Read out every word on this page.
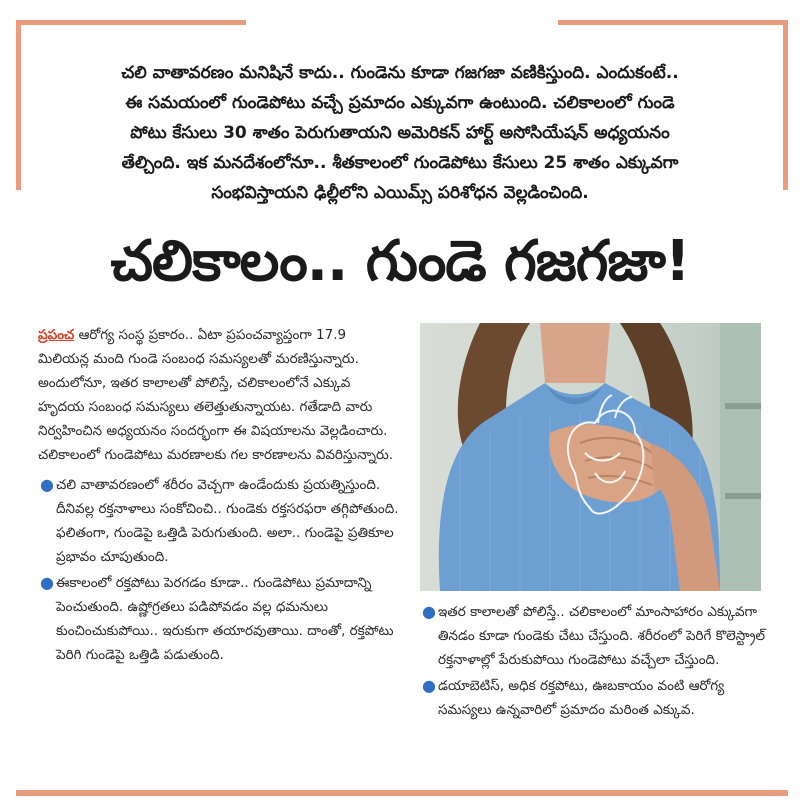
చలి వాతావరణం మనిషినే కాదు.. గుండెను కూడా గజగజా వణికిస్తుంది. ఎందుకంటే..

ఈ సమయంలో గుండెపోటు వచ్చే ప్రమాదం ఎక్కువగా ఉంటుంది. చలికాలంలో గుండె

పోటు కేసులు 30 శాతం పెరుగుతాయని అమెరికన్ హార్ట్ అసోసియేషన్ అధ్యయనం

తేల్చింది. ఇక మనదేశంలోనూ.. శీతకాలంలో గుండెపోటు కేసులు 25 శాతం ఎక్కువగా

సంభవిస్తాయని ఢిల్లీలోని ఎయిమ్స్ పరిశోధన వెల్లడించింది.

చలికాలం.. గుండె గజగజా!

ప్రపంచ ఆరోగ్య సంస్థ ప్రకారం.. ఏటా ప్రపంచవ్యాప్తంగా 17.9 మిలియన్ల మంది గుండె సంబంధ సమస్యలతో మరణిస్తున్నారు. అందులోనూ, ఇతర కాలాలతో పోలిస్తే, చలికాలంలోనే ఎక్కువ హృదయ సంబంధ సమస్యలు తలెత్తుతున్నాయట. గతేడాది వారు నిర్వహించిన అధ్యయనం సందర్భంగా ఈ విషయాలను వెల్లడించారు. చలికాలంలో గుండెపోటు మరణాలకు గల కారణాలను వివరిస్తున్నారు.

● చలి వాతావరణంలో శరీరం వెచ్చగా ఉండేందుకు ప్రయత్నిస్తుంది. దీనివల్ల రక్తనాళాలు సంకోచించి.. గుండెకు రక్తసరఫరా తగ్గిపోతుంది. ఫలితంగా, గుండెపై ఒత్తిడి పెరుగుతుంది. అలా.. గుండెపై ప్రతికూల ప్రభావం చూపుతుంది.
● ఈకాలంలో రక్తపోటు పెరగడం కూడా.. గుండెపోటు ప్రమాదాన్ని పెంచుతుంది. ఉష్ణోగ్రతలు పడిపోవడం వల్ల ధమనులు కుంచించుకుపోయి.. ఇరుకుగా తయారవుతాయి. దాంతో, రక్తపోటు పెరిగి గుండెపై ఒత్తిడి పడుతుంది.
● ఇతర కాలాలతో పోలిస్తే.. చలికాలంలో మాంసాహారం ఎక్కువగా తినడం కూడా గుండెకు చేటు చేస్తుంది. శరీరంలో పెరిగే కొలెస్ట్రాల్ రక్తనాళాల్లో పేరుకుపోయి గుండెపోటు వచ్చేలా చేస్తుంది.
● డయాబెటిస్, అధిక రక్తపోటు, ఊబకాయం వంటి ఆరోగ్య సమస్యలు ఉన్నవారిలో ప్రమాదం మరింత ఎక్కువ.
